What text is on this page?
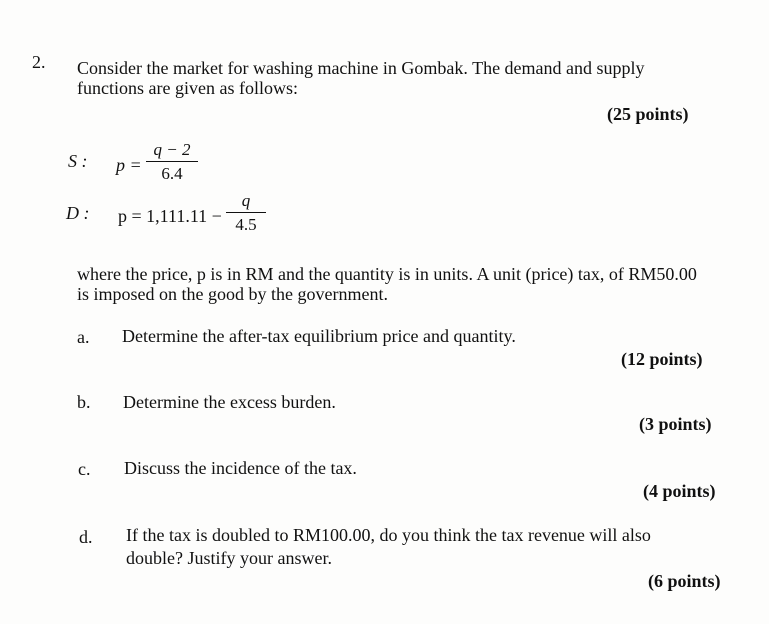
2. Consider the market for washing machine in Gombak. The demand and supply
functions are given as follows:
(25 points)
S : p =
q − 2
6.4
D : p = 1,111.11 −
q
4.5
where the price, p is in RM and the quantity is in units. A unit (price) tax, of RM50.00
is imposed on the good by the government.
a. Determine the after-tax equilibrium price and quantity.
(12 points)
b. Determine the excess burden.
(3 points)
c. Discuss the incidence of the tax.
(4 points)
d. If the tax is doubled to RM100.00, do you think the tax revenue will also
double? Justify your answer.
(6 points)
